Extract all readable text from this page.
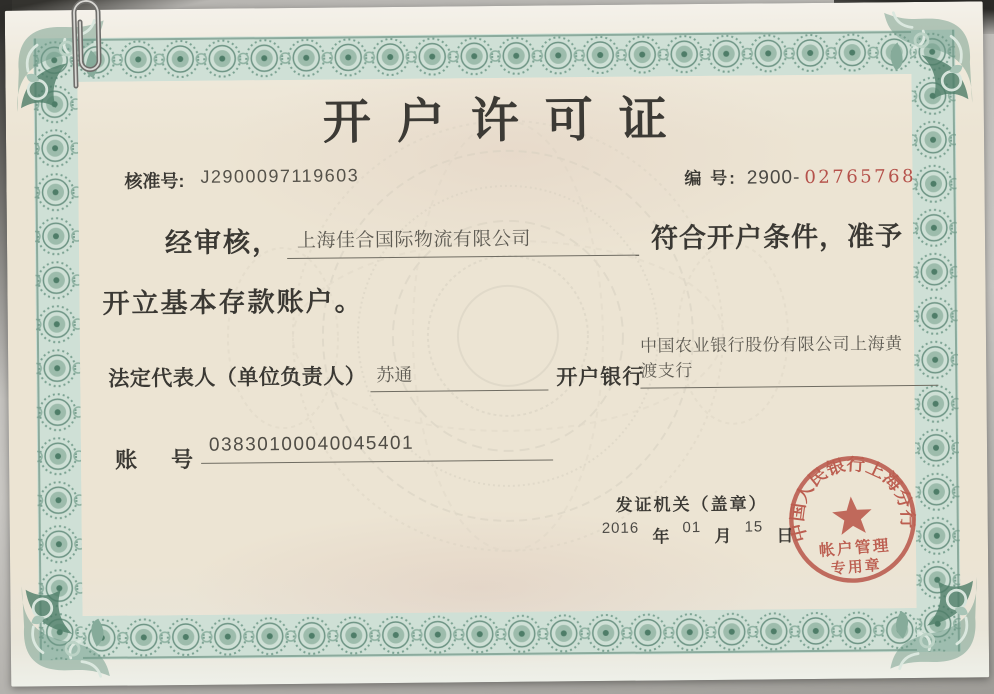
开户许可证
核准号: J2900097119603	编 号: 2900- 02765768
经审核， 上海佳合国际物流有限公司	符合开户条件，准予
开立基本存款账户。
法定代表人（单位负责人） 苏通	开户银行
中国农业银行股份有限公司上海黄渡支行
账　号
03830100040045401
发证机关（盖章）
2016 年 01 月 15 日
中国人民银行上海分行
帐户管理
专用章
